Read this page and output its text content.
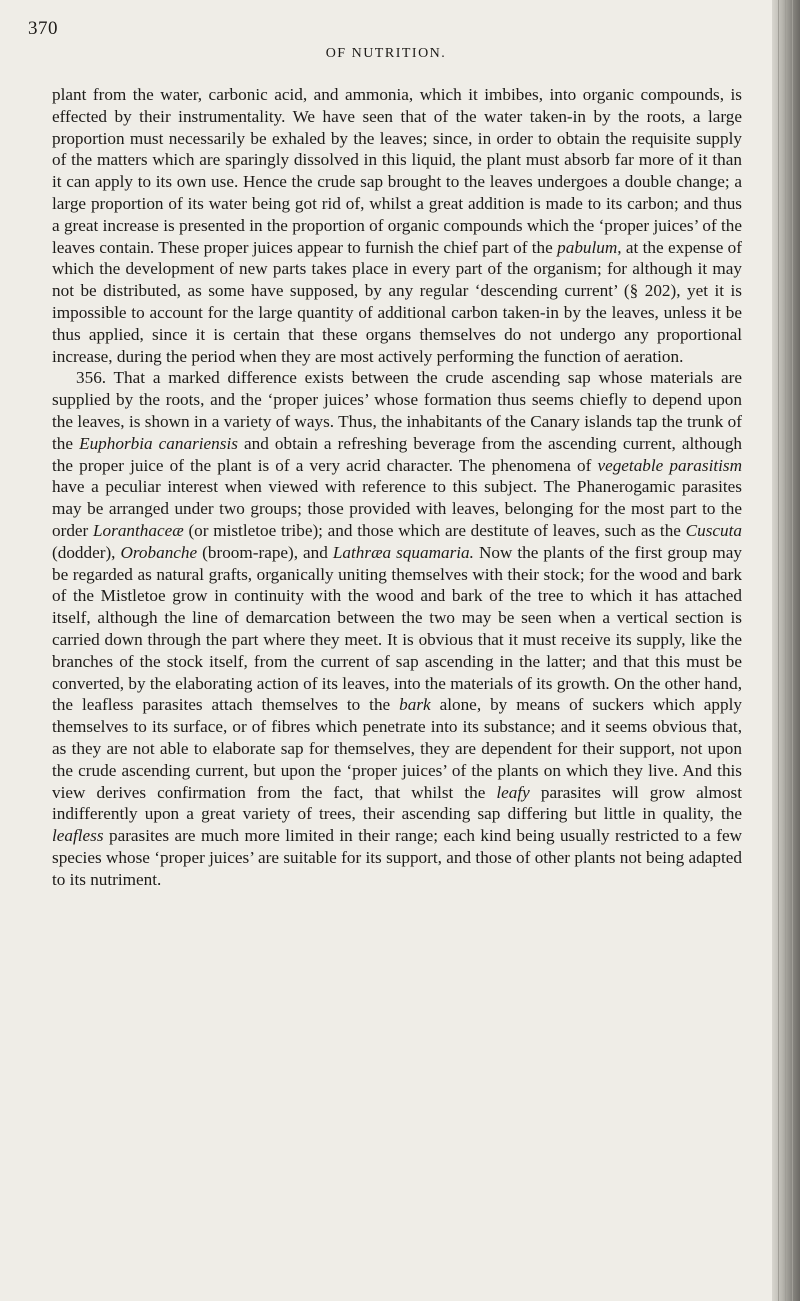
370
OF NUTRITION.

plant from the water, carbonic acid, and ammonia, which it imbibes, into organic compounds, is effected by their instrumentality. We have seen that of the water taken-in by the roots, a large proportion must necessarily be exhaled by the leaves; since, in order to obtain the requisite supply of the matters which are sparingly dissolved in this liquid, the plant must absorb far more of it than it can apply to its own use. Hence the crude sap brought to the leaves undergoes a double change; a large proportion of its water being got rid of, whilst a great addition is made to its carbon; and thus a great increase is presented in the proportion of organic compounds which the ‘proper juices’ of the leaves contain. These proper juices appear to furnish the chief part of the pabulum, at the expense of which the development of new parts takes place in every part of the organism; for although it may not be distributed, as some have supposed, by any regular ‘descending current’ (§ 202), yet it is impossible to account for the large quantity of additional carbon taken-in by the leaves, unless it be thus applied, since it is certain that these organs themselves do not undergo any proportional increase, during the period when they are most actively performing the function of aeration.

356. That a marked difference exists between the crude ascending sap whose materials are supplied by the roots, and the ‘proper juices’ whose formation thus seems chiefly to depend upon the leaves, is shown in a variety of ways. Thus, the inhabitants of the Canary islands tap the trunk of the Euphorbia canariensis and obtain a refreshing beverage from the ascending current, although the proper juice of the plant is of a very acrid character. The phenomena of vegetable parasitism have a peculiar interest when viewed with reference to this subject. The Phanerogamic parasites may be arranged under two groups; those provided with leaves, belonging for the most part to the order Loranthaceæ (or mistletoe tribe); and those which are destitute of leaves, such as the Cuscuta (dodder), Orobanche (broom-rape), and Lathræa squamaria. Now the plants of the first group may be regarded as natural grafts, organically uniting themselves with their stock; for the wood and bark of the Mistletoe grow in continuity with the wood and bark of the tree to which it has attached itself, although the line of demarcation between the two may be seen when a vertical section is carried down through the part where they meet. It is obvious that it must receive its supply, like the branches of the stock itself, from the current of sap ascending in the latter; and that this must be converted, by the elaborating action of its leaves, into the materials of its growth. On the other hand, the leafless parasites attach themselves to the bark alone, by means of suckers which apply themselves to its surface, or of fibres which penetrate into its substance; and it seems obvious that, as they are not able to elaborate sap for themselves, they are dependent for their support, not upon the crude ascending current, but upon the ‘proper juices’ of the plants on which they live. And this view derives confirmation from the fact, that whilst the leafy parasites will grow almost indifferently upon a great variety of trees, their ascending sap differing but little in quality, the leafless parasites are much more limited in their range; each kind being usually restricted to a few species whose ‘proper juices’ are suitable for its support, and those of other plants not being adapted to its nutriment.
